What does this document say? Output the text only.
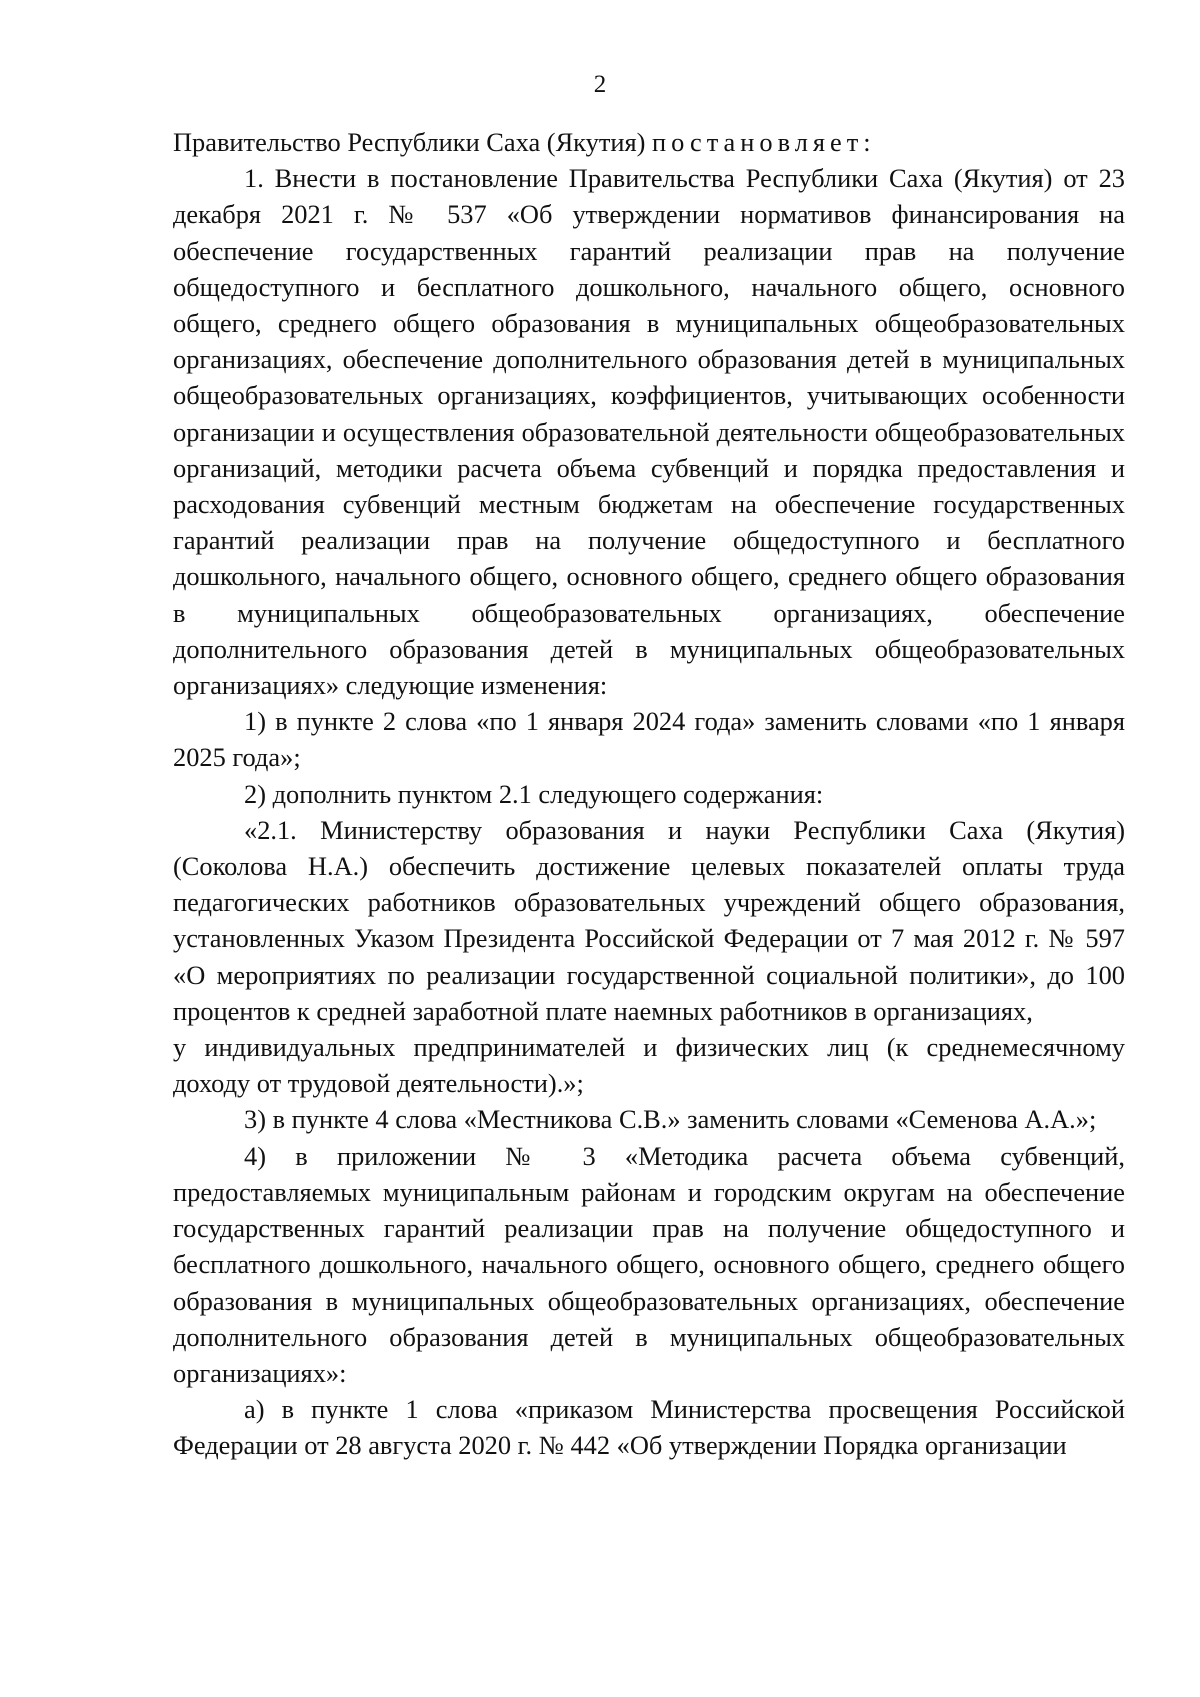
2

Правительство Республики Саха (Якутия) постановляет:

1. Внести в постановление Правительства Республики Саха (Якутия) от 23 декабря 2021 г. № 537 «Об утверждении нормативов финансирования на обеспечение государственных гарантий реализации прав на получение общедоступного и бесплатного дошкольного, начального общего, основного общего, среднего общего образования в муниципальных общеобразовательных организациях, обеспечение дополнительного образования детей в муниципальных общеобразовательных организациях, коэффициентов, учитывающих особенности организации и осуществления образовательной деятельности общеобразовательных организаций, методики расчета объема субвенций и порядка предоставления и расходования субвенций местным бюджетам на обеспечение государственных гарантий реализации прав на получение общедоступного и бесплатного дошкольного, начального общего, основного общего, среднего общего образования в муниципальных общеобразовательных организациях, обеспечение дополнительного образования детей в муниципальных общеобразовательных организациях» следующие изменения:

1) в пункте 2 слова «по 1 января 2024 года» заменить словами «по 1 января 2025 года»;

2) дополнить пунктом 2.1 следующего содержания:

«2.1. Министерству образования и науки Республики Саха (Якутия) (Соколова Н.А.) обеспечить достижение целевых показателей оплаты труда педагогических работников образовательных учреждений общего образования, установленных Указом Президента Российской Федерации от 7 мая 2012 г. № 597 «О мероприятиях по реализации государственной социальной политики», до 100 процентов к средней заработной плате наемных работников в организациях,

у индивидуальных предпринимателей и физических лиц (к среднемесячному доходу от трудовой деятельности).»;

3) в пункте 4 слова «Местникова С.В.» заменить словами «Семенова А.А.»;

4) в приложении № 3 «Методика расчета объема субвенций, предоставляемых муниципальным районам и городским округам на обеспечение государственных гарантий реализации прав на получение общедоступного и бесплатного дошкольного, начального общего, основного общего, среднего общего образования в муниципальных общеобразовательных организациях, обеспечение дополнительного образования детей в муниципальных общеобразовательных организациях»:

а) в пункте 1 слова «приказом Министерства просвещения Российской Федерации от 28 августа 2020 г. № 442 «Об утверждении Порядка организации
